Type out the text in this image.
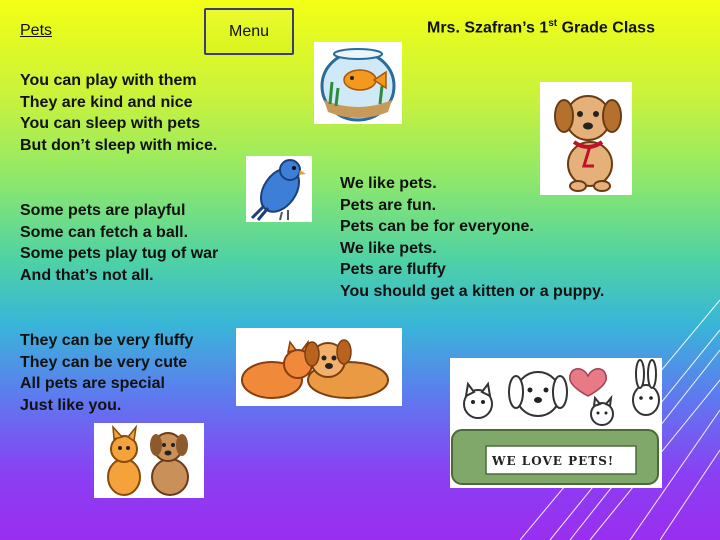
Pets	Menu	Mrs. Szafran’s 1st Grade Class
You can play with them
They are kind and nice
You can sleep with pets
But don’t sleep with mice.
Some pets are playful
Some can fetch a ball.
Some pets play tug of war
And that’s not all.
They can be very fluffy
They can be very cute
All pets are special
Just like you.
We like pets.
Pets are fun.
Pets can be for everyone.
We like pets.
Pets are fluffy
You should get a kitten or a puppy.
WE LOVE PETS!
